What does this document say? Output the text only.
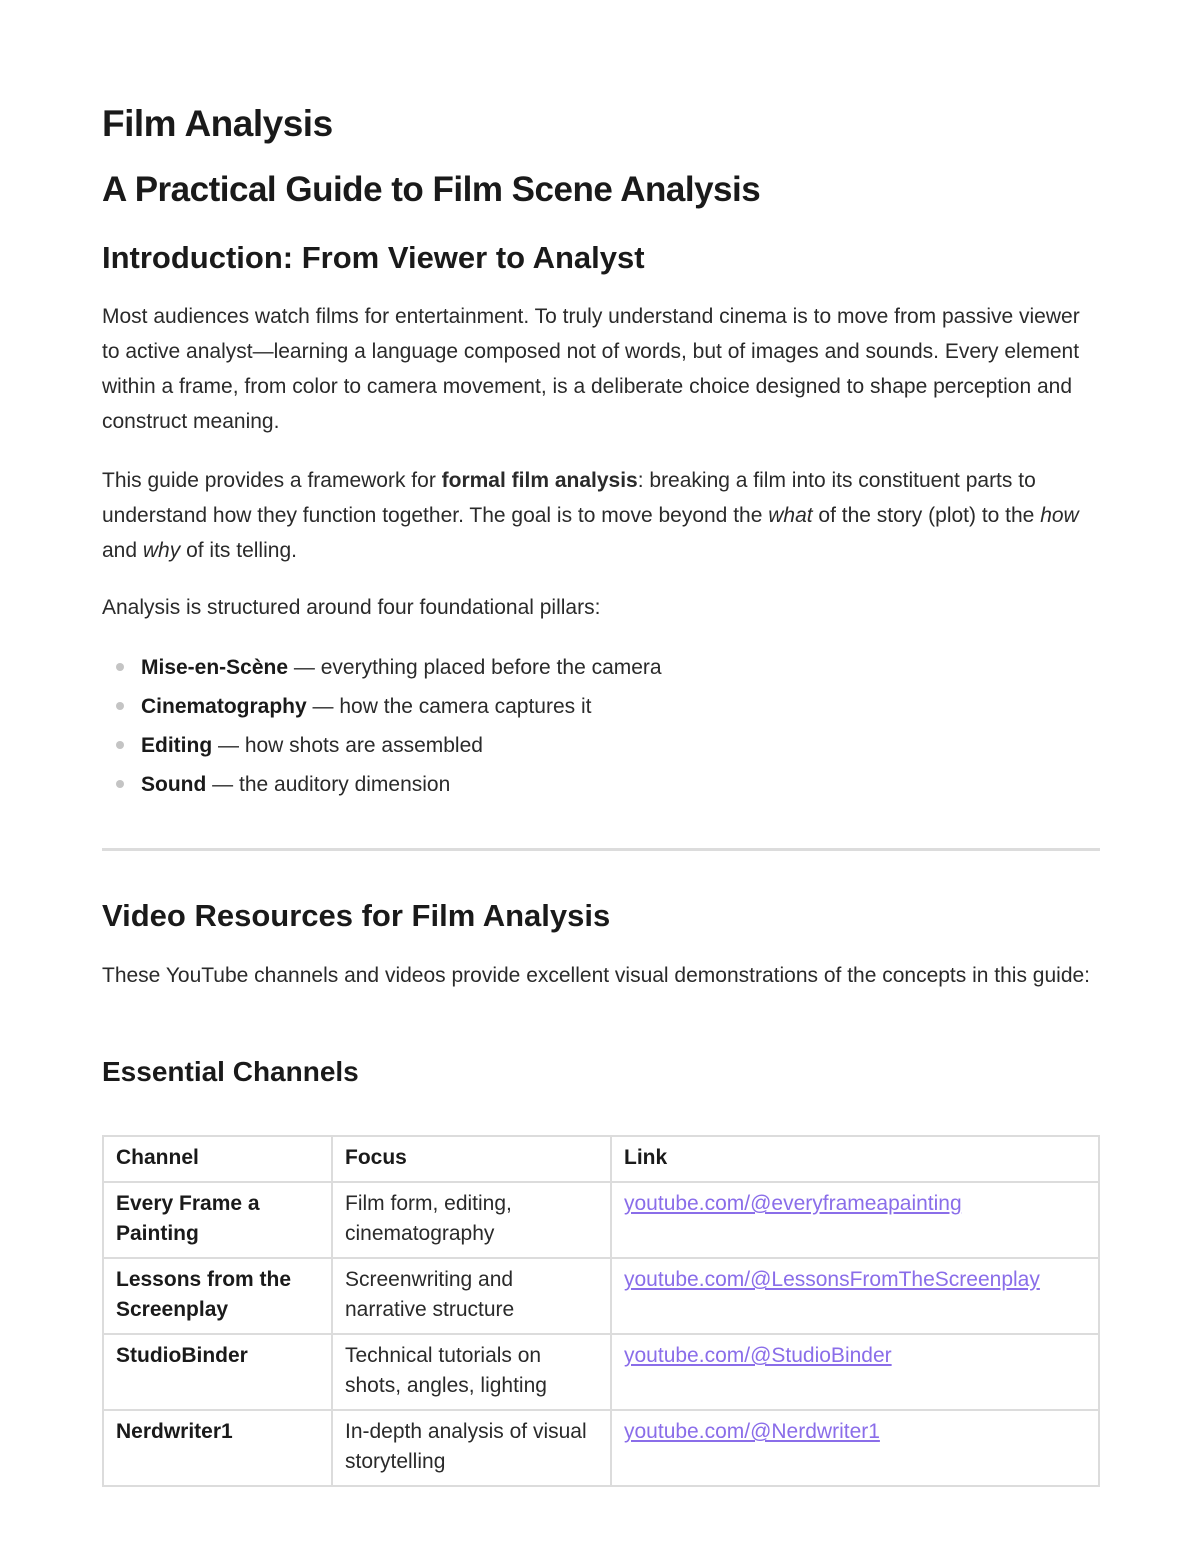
Film Analysis
A Practical Guide to Film Scene Analysis
Introduction: From Viewer to Analyst

Most audiences watch films for entertainment. To truly understand cinema is to move from passive viewer to active analyst—learning a language composed not of words, but of images and sounds. Every element within a frame, from color to camera movement, is a deliberate choice designed to shape perception and construct meaning.

This guide provides a framework for formal film analysis: breaking a film into its constituent parts to understand how they function together. The goal is to move beyond the what of the story (plot) to the how and why of its telling.

Analysis is structured around four foundational pillars:

Mise-en-Scène — everything placed before the camera
Cinematography — how the camera captures it
Editing — how shots are assembled
Sound — the auditory dimension
Video Resources for Film Analysis

These YouTube channels and videos provide excellent visual demonstrations of the concepts in this guide:

Essential Channels
Channel	Focus	Link
Every Frame a Painting	Film form, editing, cinematography	youtube.com/@everyframeapainting
Lessons from the Screenplay	Screenwriting and narrative structure	youtube.com/@LessonsFromTheScreenplay
StudioBinder	Technical tutorials on shots, angles, lighting	youtube.com/@StudioBinder
Nerdwriter1	In-depth analysis of visual storytelling	youtube.com/@Nerdwriter1
